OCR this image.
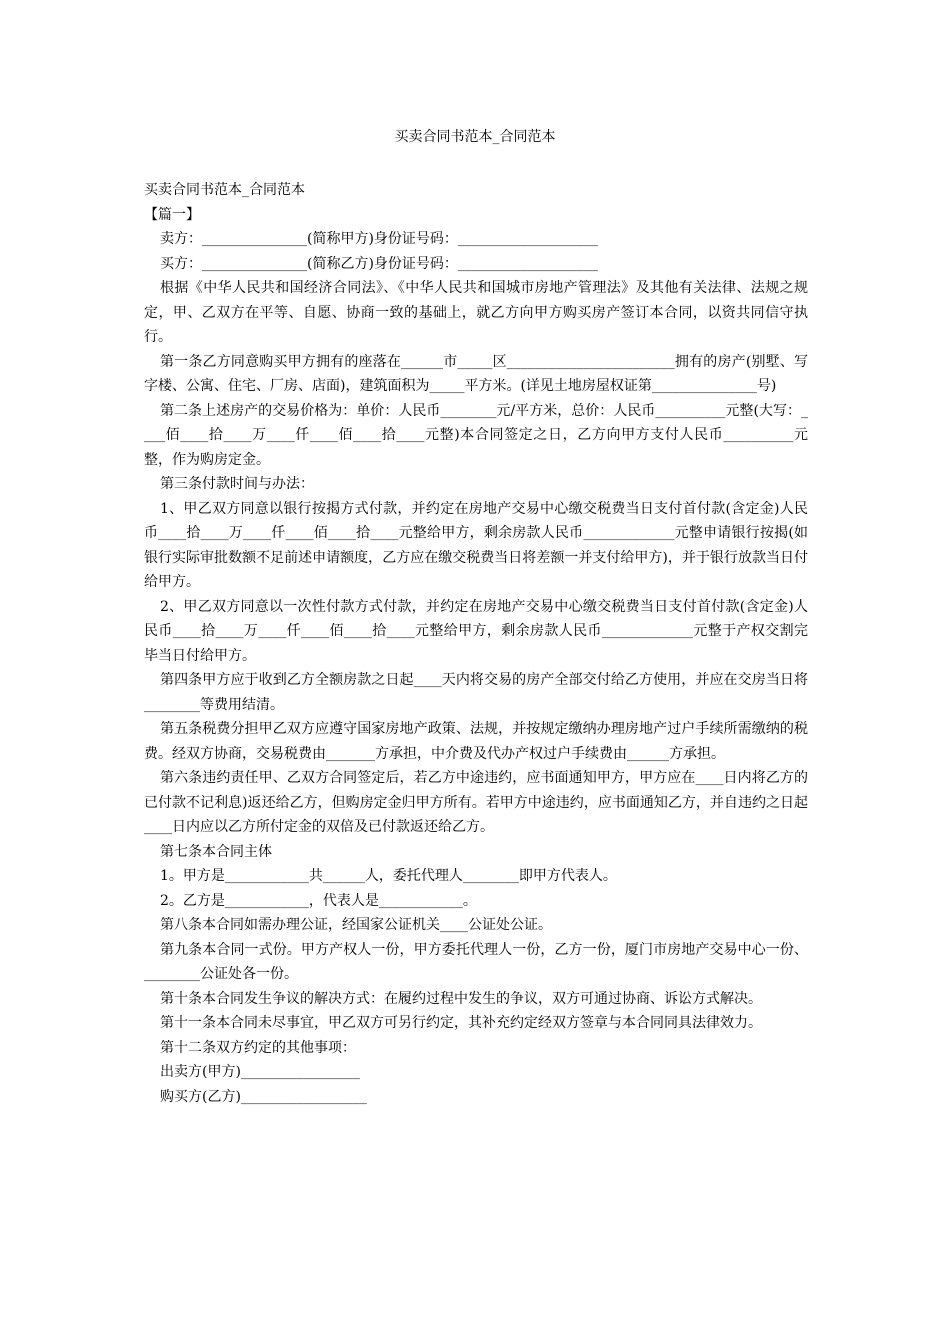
买卖合同书范本_合同范本

买卖合同书范本_合同范本

【篇一】

卖方：_______________(简称甲方)身份证号码：____________________

买方：_______________(简称乙方)身份证号码：____________________

根据《中华人民共和国经济合同法》、《中华人民共和国城市房地产管理法》及其他有关法律、法规之规定，甲、乙双方在平等、自愿、协商一致的基础上，就乙方向甲方购买房产签订本合同，以资共同信守执行。

第一条乙方同意购买甲方拥有的座落在______市_____区________________________拥有的房产(别墅、写字楼、公寓、住宅、厂房、店面)，建筑面积为_____平方米。(详见土地房屋权证第_______________号)

第二条上述房产的交易价格为：单价：人民币________元/平方米，总价：人民币__________元整(大写：____佰____拾____万____仟____佰____拾____元整)本合同签定之日，乙方向甲方支付人民币__________元整，作为购房定金。

第三条付款时间与办法：

1、甲乙双方同意以银行按揭方式付款，并约定在房地产交易中心缴交税费当日支付首付款(含定金)人民币____拾____万____仟____佰____拾____元整给甲方，剩余房款人民币_____________元整申请银行按揭(如银行实际审批数额不足前述申请额度，乙方应在缴交税费当日将差额一并支付给甲方)，并于银行放款当日付给甲方。

2、甲乙双方同意以一次性付款方式付款，并约定在房地产交易中心缴交税费当日支付首付款(含定金)人民币____拾____万____仟____佰____拾____元整给甲方，剩余房款人民币_____________元整于产权交割完毕当日付给甲方。

第四条甲方应于收到乙方全额房款之日起____天内将交易的房产全部交付给乙方使用，并应在交房当日将________等费用结清。

第五条税费分担甲乙双方应遵守国家房地产政策、法规，并按规定缴纳办理房地产过户手续所需缴纳的税费。经双方协商，交易税费由_______方承担，中介费及代办产权过户手续费由______方承担。

第六条违约责任甲、乙双方合同签定后，若乙方中途违约，应书面通知甲方，甲方应在____日内将乙方的已付款不记利息)返还给乙方，但购房定金归甲方所有。若甲方中途违约，应书面通知乙方，并自违约之日起____日内应以乙方所付定金的双倍及已付款返还给乙方。

第七条本合同主体

1。甲方是____________共______人，委托代理人________即甲方代表人。

2。乙方是____________，代表人是____________。

第八条本合同如需办理公证，经国家公证机关____公证处公证。

第九条本合同一式份。甲方产权人一份，甲方委托代理人一份，乙方一份，厦门市房地产交易中心一份、________公证处各一份。

第十条本合同发生争议的解决方式：在履约过程中发生的争议，双方可通过协商、诉讼方式解决。

第十一条本合同未尽事宜，甲乙双方可另行约定，其补充约定经双方签章与本合同同具法律效力。

第十二条双方约定的其他事项：

出卖方(甲方)_________________

购买方(乙方)__________________
